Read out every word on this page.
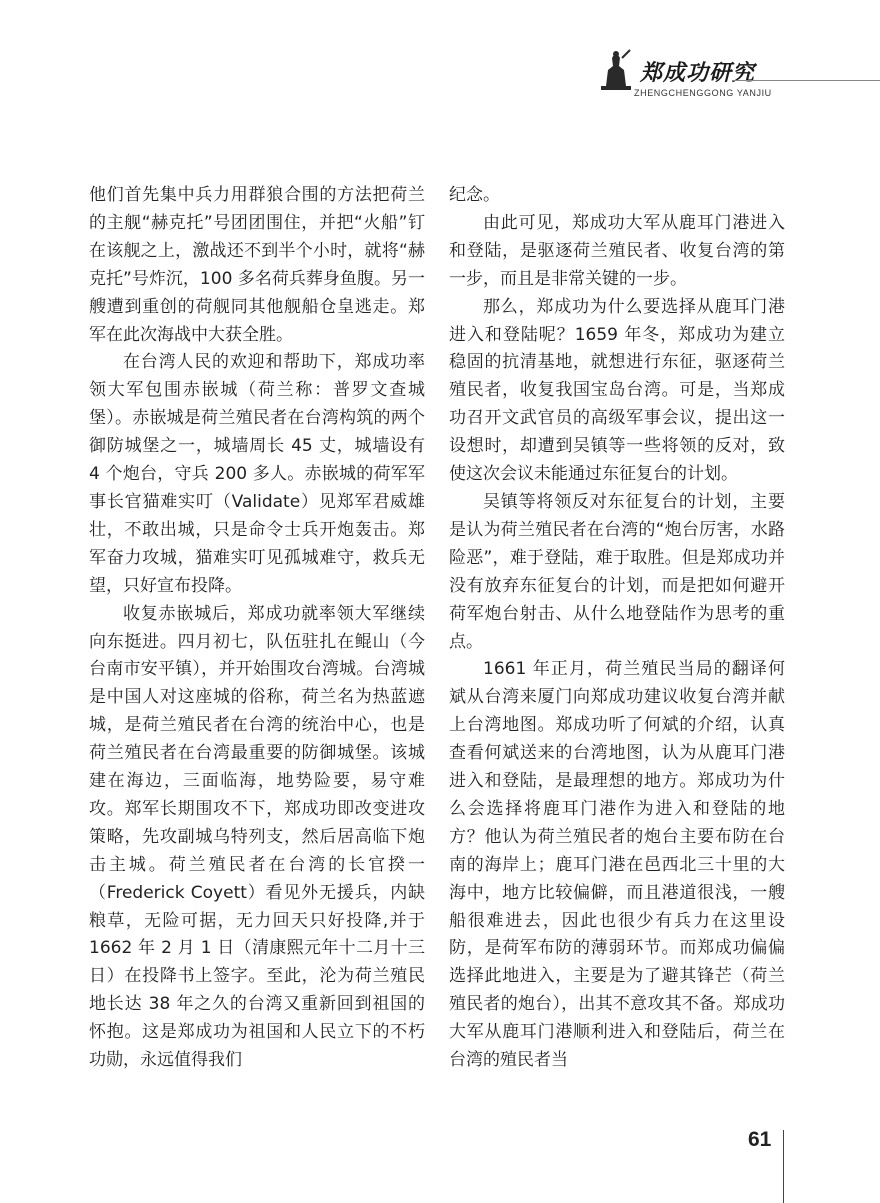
郑成功研究
ZHENGCHENGGONG YANJIU

他们首先集中兵力用群狼合围的方法把荷兰的主舰“赫克托”号团团围住，并把“火船”钉在该舰之上，激战还不到半个小时，就将“赫克托”号炸沉，100 多名荷兵葬身鱼腹。另一艘遭到重创的荷舰同其他舰船仓皇逃走。郑军在此次海战中大获全胜。

在台湾人民的欢迎和帮助下，郑成功率领大军包围赤嵌城（荷兰称：普罗文查城堡）。赤嵌城是荷兰殖民者在台湾构筑的两个御防城堡之一，城墙周长 45 丈，城墙设有 4 个炮台，守兵 200 多人。赤嵌城的荷军军事长官猫难实叮（Validate）见郑军君威雄壮，不敢出城，只是命令士兵开炮轰击。郑军奋力攻城，猫难实叮见孤城难守，救兵无望，只好宣布投降。

收复赤嵌城后，郑成功就率领大军继续向东挺进。四月初七，队伍驻扎在鲲山（今台南市安平镇），并开始围攻台湾城。台湾城是中国人对这座城的俗称，荷兰名为热蓝遮城，是荷兰殖民者在台湾的统治中心，也是荷兰殖民者在台湾最重要的防御城堡。该城建在海边，三面临海，地势险要，易守难攻。郑军长期围攻不下，郑成功即改变进攻策略，先攻副城乌特列支，然后居高临下炮击主城。荷兰殖民者在台湾的长官揆一（Frederick Coyett）看见外无援兵，内缺粮草，无险可据，无力回天只好投降,并于 1662 年 2 月 1 日（清康熙元年十二月十三日）在投降书上签字。至此，沦为荷兰殖民地长达 38 年之久的台湾又重新回到祖国的怀抱。这是郑成功为祖国和人民立下的不朽功勋，永远值得我们

纪念。

由此可见，郑成功大军从鹿耳门港进入和登陆，是驱逐荷兰殖民者、收复台湾的第一步，而且是非常关键的一步。

那么，郑成功为什么要选择从鹿耳门港进入和登陆呢？1659 年冬，郑成功为建立稳固的抗清基地，就想进行东征，驱逐荷兰殖民者，收复我国宝岛台湾。可是，当郑成功召开文武官员的高级军事会议，提出这一设想时，却遭到吴镇等一些将领的反对，致使这次会议未能通过东征复台的计划。

吴镇等将领反对东征复台的计划，主要是认为荷兰殖民者在台湾的“炮台厉害，水路险恶”，难于登陆，难于取胜。但是郑成功并没有放弃东征复台的计划，而是把如何避开荷军炮台射击、从什么地登陆作为思考的重点。

1661 年正月，荷兰殖民当局的翻译何斌从台湾来厦门向郑成功建议收复台湾并献上台湾地图。郑成功听了何斌的介绍，认真查看何斌送来的台湾地图，认为从鹿耳门港进入和登陆，是最理想的地方。郑成功为什么会选择将鹿耳门港作为进入和登陆的地方？他认为荷兰殖民者的炮台主要布防在台南的海岸上；鹿耳门港在邑西北三十里的大海中，地方比较偏僻，而且港道很浅，一艘船很难进去，因此也很少有兵力在这里设防，是荷军布防的薄弱环节。而郑成功偏偏选择此地进入，主要是为了避其锋芒（荷兰殖民者的炮台），出其不意攻其不备。郑成功大军从鹿耳门港顺利进入和登陆后，荷兰在台湾的殖民者当

61
